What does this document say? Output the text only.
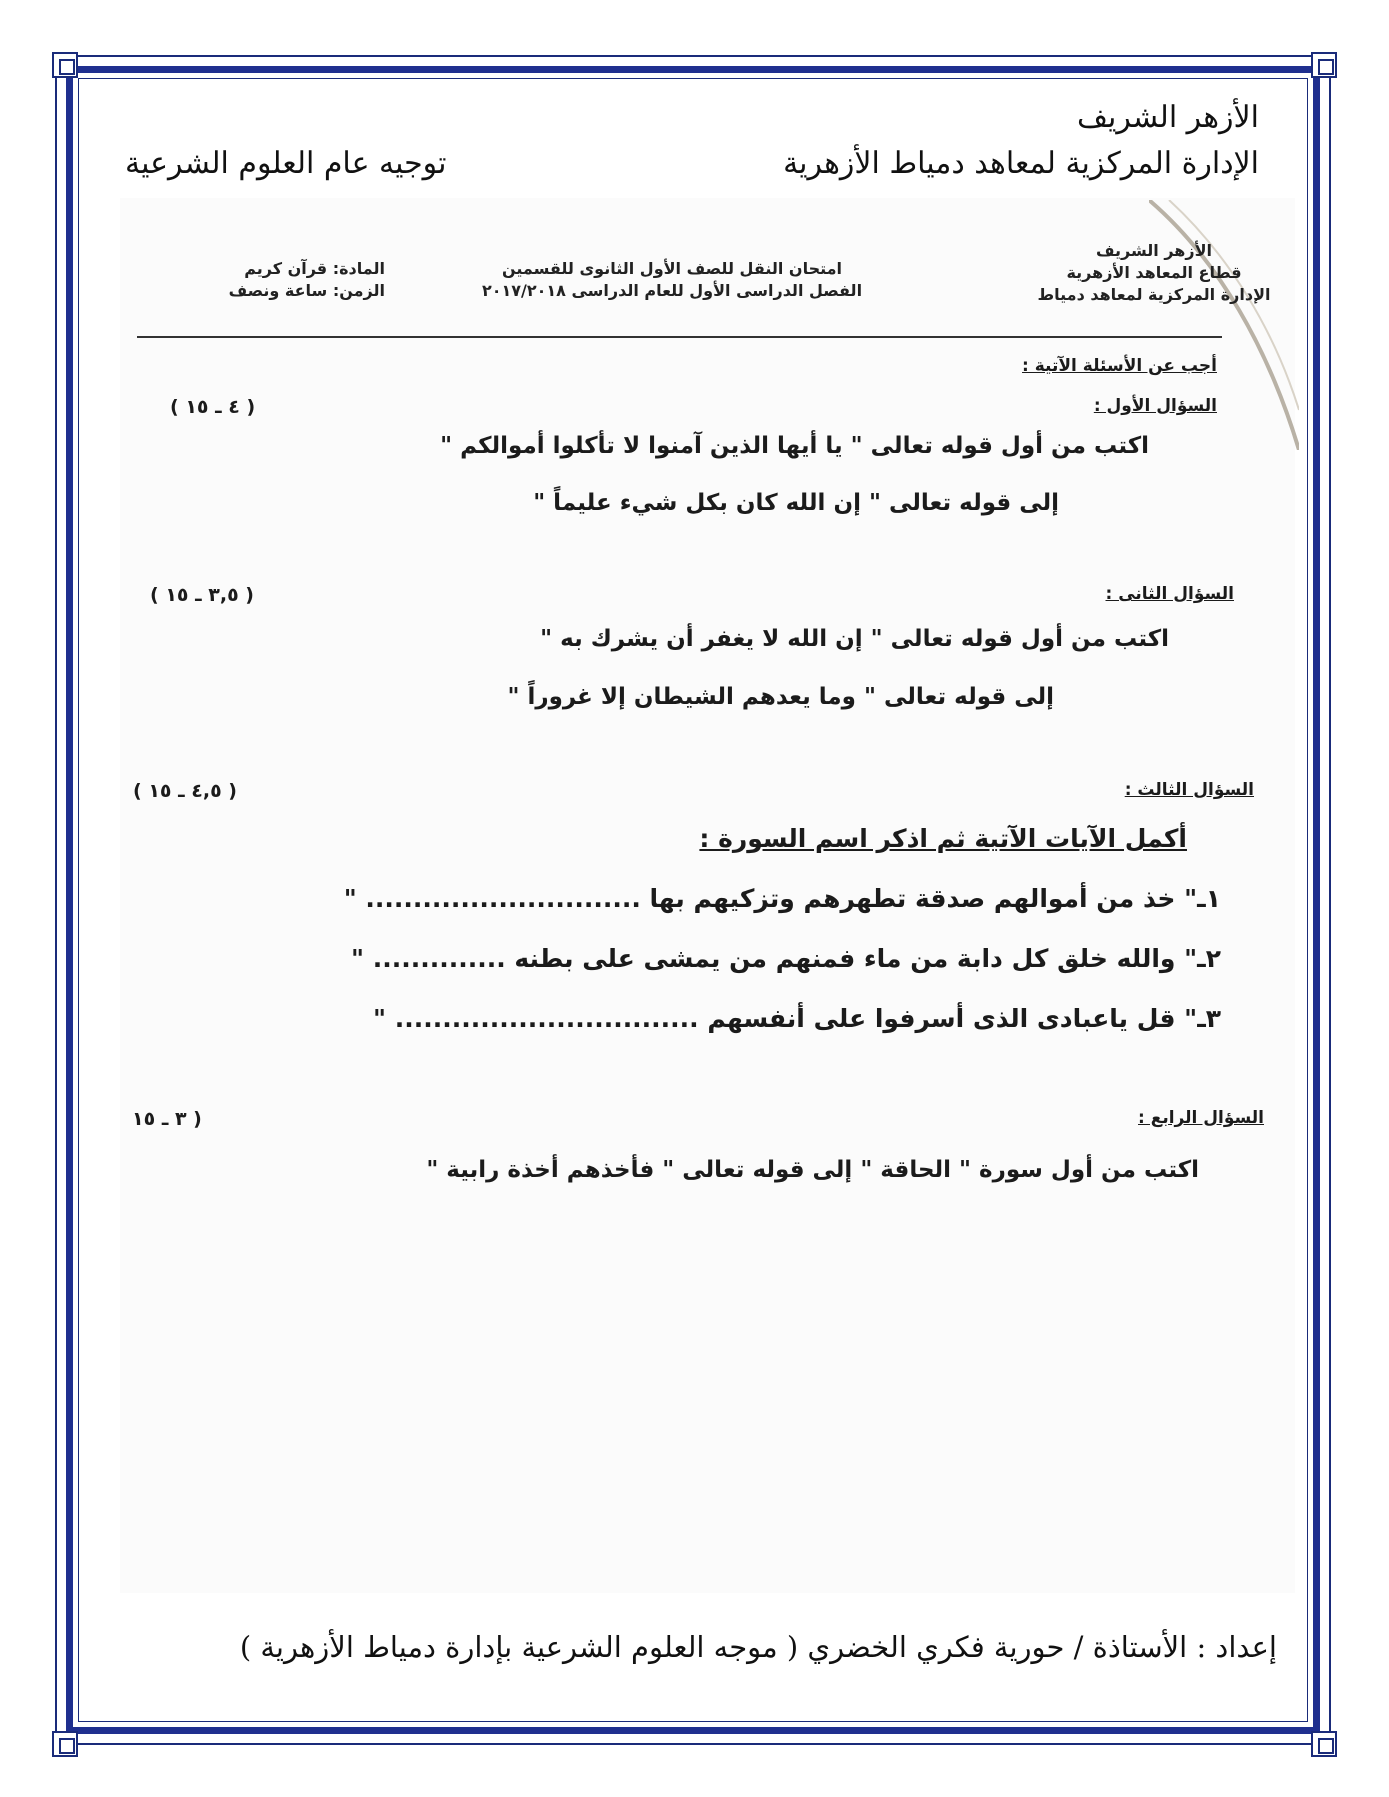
الأزهر الشريف
الإدارة المركزية لمعاهد دمياط الأزهرية
توجيه عام العلوم الشرعية
الأزهر الشريف
قطاع المعاهد الأزهرية
الإدارة المركزية لمعاهد دمياط
امتحان النقل للصف الأول الثانوى للقسمين
الفصل الدراسى الأول للعام الدراسى ٢٠١٧/٢٠١٨
المادة: قرآن كريم
الزمن: ساعة ونصف
أجب عن الأسئلة الآتية :
السؤال الأول :
( ٤ ـ ١٥ )
اكتب من أول قوله تعالى " يا أيها الذين آمنوا لا تأكلوا أموالكم "
إلى قوله تعالى " إن الله كان بكل شيء عليماً "
السؤال الثانى :
( ٣,٥ ـ ١٥ )
اكتب من أول قوله تعالى " إن الله لا يغفر أن يشرك به "
إلى قوله تعالى " وما يعدهم الشيطان إلا غروراً "
السؤال الثالث :
( ٤,٥ ـ ١٥ )
أكمل الآيات الآتية ثم اذكر اسم السورة :
١ـ" خذ من أموالهم صدقة تطهرهم وتزكيهم بها ............................. "
٢ـ" والله خلق كل دابة من ماء فمنهم من يمشى على بطنه .............. "
٣ـ" قل ياعبادى الذى أسرفوا على أنفسهم ................................ "
السؤال الرابع :
( ٣ ـ ١٥
اكتب من أول سورة " الحاقة " إلى قوله تعالى " فأخذهم أخذة رابية "
إعداد : الأستاذة / حورية فكري الخضري ( موجه العلوم الشرعية بإدارة دمياط الأزهرية )
